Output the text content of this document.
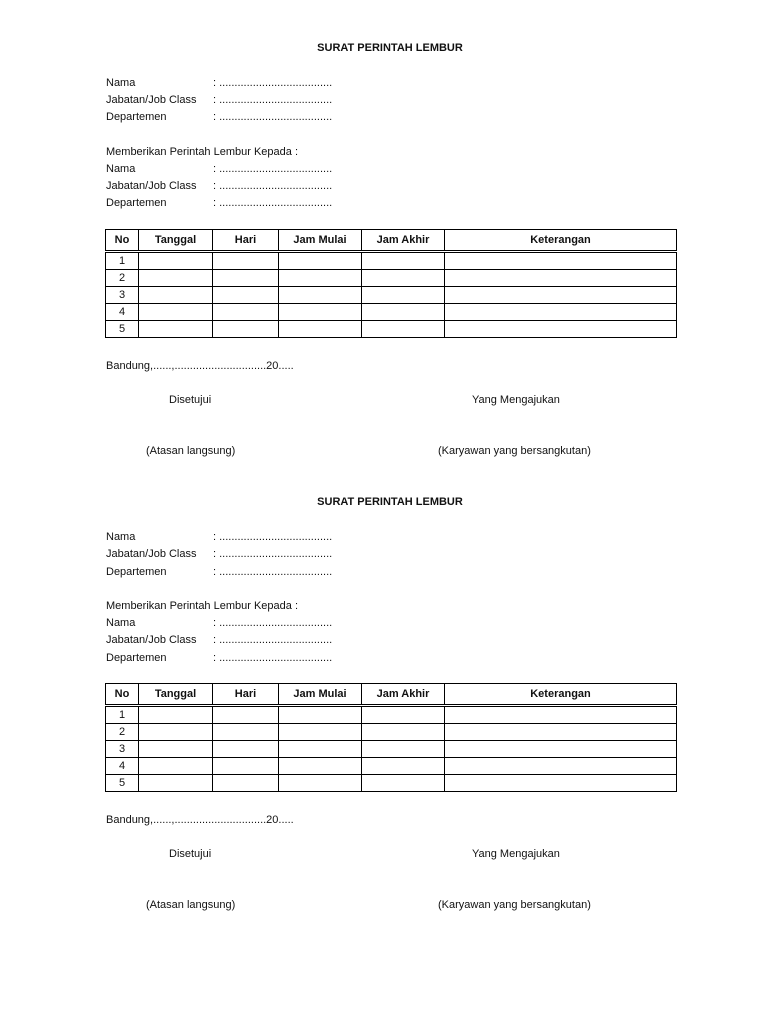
SURAT PERINTAH LEMBUR
Nama	: .....................................
Jabatan/Job Class : .....................................
Departemen	: .....................................
Memberikan Perintah Lembur Kepada :
Nama	: .....................................
Jabatan/Job Class : .....................................
Departemen	: .....................................
No	Tanggal	Hari	Jam Mulai	Jam Akhir	Keterangan
1					
2					
3					
4					
5					
Bandung,......,..............................20.....
Disetujui	Yang Mengajukan
(Atasan langsung)	(Karyawan yang bersangkutan)
SURAT PERINTAH LEMBUR
Nama	: .....................................
Jabatan/Job Class : .....................................
Departemen	: .....................................
Memberikan Perintah Lembur Kepada :
Nama	: .....................................
Jabatan/Job Class : .....................................
Departemen	: .....................................
No	Tanggal	Hari	Jam Mulai	Jam Akhir	Keterangan
1					
2					
3					
4					
5					
Bandung,......,..............................20.....
Disetujui	Yang Mengajukan
(Atasan langsung)	(Karyawan yang bersangkutan)
